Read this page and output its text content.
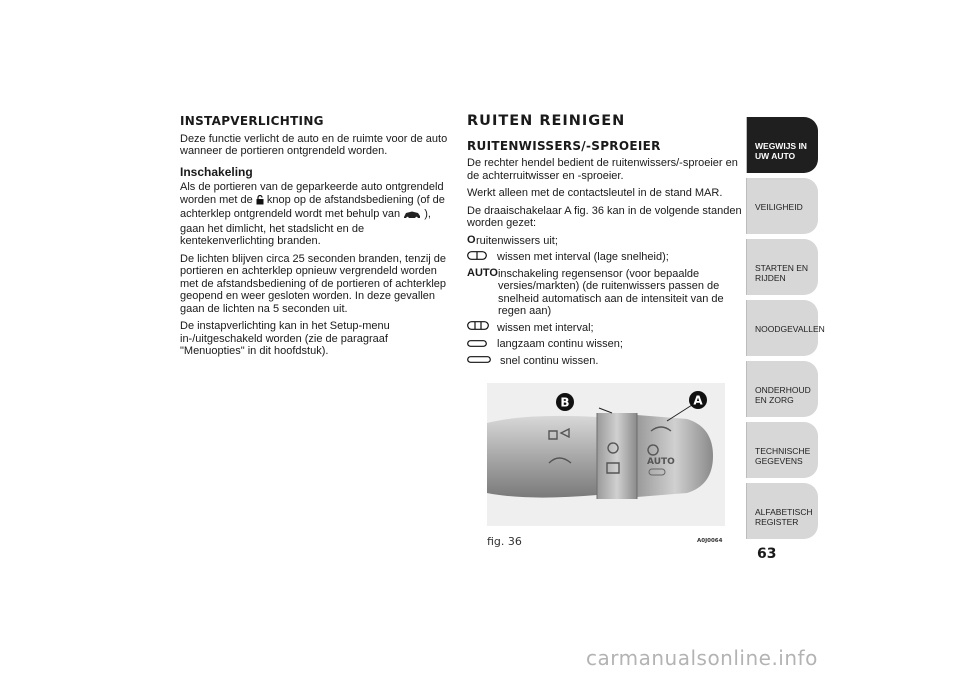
INSTAPVERLICHTING

Deze functie verlicht de auto en de ruimte voor de auto wanneer de portieren ontgrendeld worden.

Inschakeling

Als de portieren van de geparkeerde auto ontgrendeld worden met de knop op de afstandsbediening (of de achterklep ontgrendeld wordt met behulp van ), gaan het dimlicht, het stadslicht en de kentekenverlichting branden.

De lichten blijven circa 25 seconden branden, tenzij de portieren en achterklep opnieuw vergrendeld worden met de afstandsbediening of de portieren of achterklep geopend en weer gesloten worden. In deze gevallen gaan de lichten na 5 seconden uit.

De instapverlichting kan in het Setup-menu in-/uitgeschakeld worden (zie de paragraaf "Menuopties" in dit hoofdstuk).

RUITEN REINIGEN
RUITENWISSERS/-SPROEIER

De rechter hendel bedient de ruitenwissers/-sproeier en de achterruitwisser en -sproeier.

Werkt alleen met de contactsleutel in de stand MAR.

De draaischakelaar A fig. 36 kan in de volgende standen worden gezet:

O ruitenwissers uit;
wissen met interval (lage snelheid);
AUTO inschakeling regensensor (voor bepaalde versies/markten) (de ruitenwissers passen de snelheid automatisch aan de intensiteit van de regen aan)
wissen met interval;
langzaam continu wissen;
snel continu wissen.
AUTO
B	A
fig. 36	A0J0064
WEGWIJS IN UW AUTO
VEILIGHEID
STARTEN EN RIJDEN
NOODGEVALLEN
ONDERHOUD EN ZORG
TECHNISCHE GEGEVENS
ALFABETISCH REGISTER
63
carmanualsonline.info
